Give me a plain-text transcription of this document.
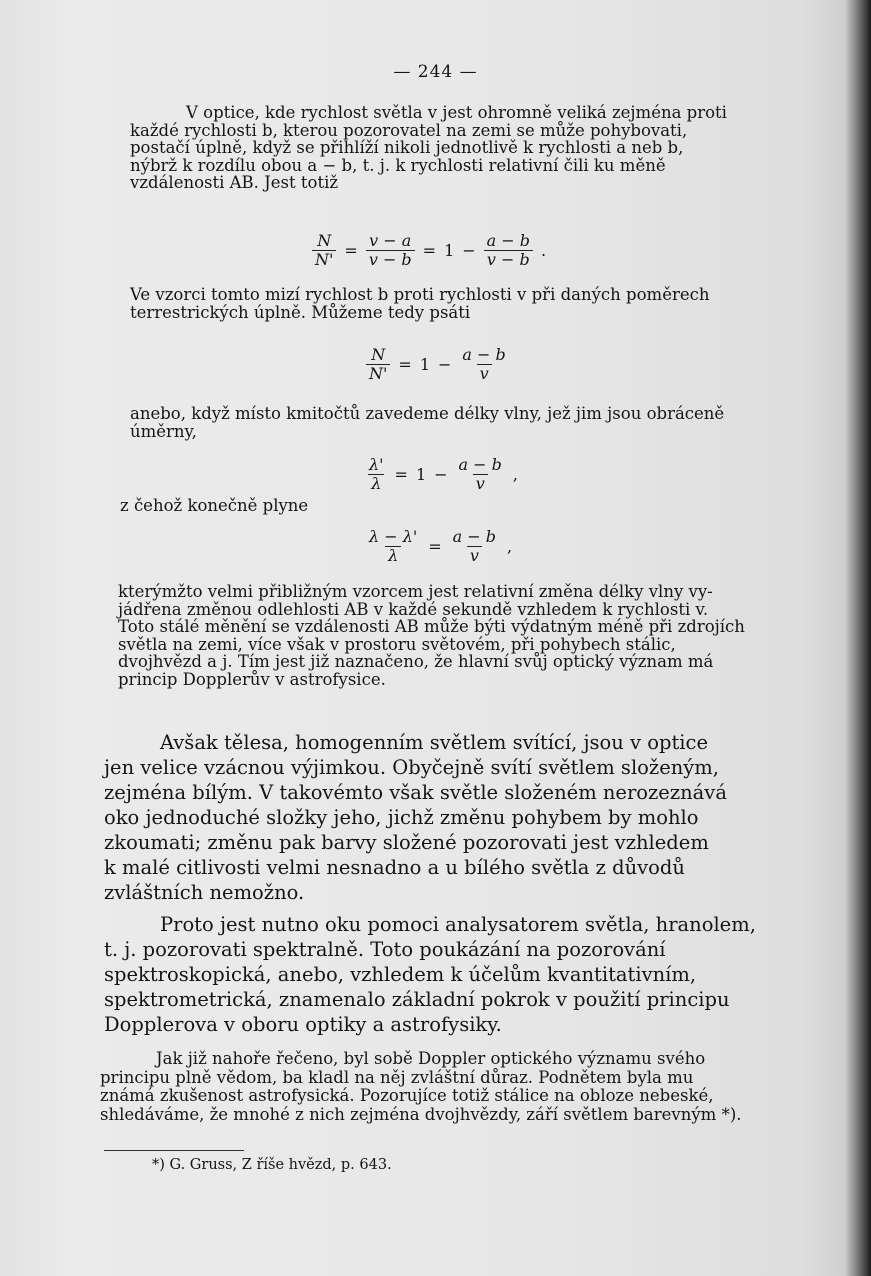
— 244 —
V optice, kde rychlost světla v jest ohromně veliká zejména proti
každé rychlosti b, kterou pozorovatel na zemi se může pohybovati,
postačí úplně, když se přihlíží nikoli jednotlivě k rychlosti a neb b,
nýbrž k rozdílu obou a − b, t. j. k rychlosti relativní čili ku měně
vzdálenosti AB. Jest totiž
$\frac{N}{N'} = \frac{v - a}{v - b} = 1 - \frac{a - b}{v - b}$ .
Ve vzorci tomto mizí rychlost b proti rychlosti v při daných poměrech
terrestrických úplně. Můžeme tedy psáti
$\frac{N}{N'} = 1 - \frac{a - b}{v}$
anebo, když místo kmitočtů zavedeme délky vlny, jež jim jsou obráceně
úměrny,
$\frac{\lambda'}{\lambda} = 1 - \frac{a - b}{v}$ ,
z čehož konečně plyne
$\frac{\lambda - \lambda'}{\lambda} = \frac{a - b}{v}$ ,
kterýmžto velmi přibližným vzorcem jest relativní změna délky vlny vy-
jádřena změnou odlehlosti AB v každé sekundě vzhledem k rychlosti v.
Toto stálé měnění se vzdálenosti AB může býti výdatným méně při zdrojích
světla na zemi, více však v prostoru světovém, při pohybech stálic,
dvojhvězd a j. Tím jest již naznačeno, že hlavní svůj optický význam má
princip Dopplerův v astrofysice.
Avšak tělesa, homogenním světlem svítící, jsou v optice
jen velice vzácnou výjimkou. Obyčejně svítí světlem složeným,
zejména bílým. V takovémto však světle složeném nerozeznává
oko jednoduché složky jeho, jichž změnu pohybem by mohlo
zkoumati; změnu pak barvy složené pozorovati jest vzhledem
k malé citlivosti velmi nesnadno a u bílého světla z důvodů
zvláštních nemožno.
Proto jest nutno oku pomoci analysatorem světla, hranolem,
t. j. pozorovati spektralně. Toto poukázání na pozorování
spektroskopická, anebo, vzhledem k účelům kvantitativním,
spektrometrická, znamenalo základní pokrok v použití principu
Dopplerova v oboru optiky a astrofysiky.
Jak již nahoře řečeno, byl sobě Doppler optického významu svého
principu plně vědom, ba kladl na něj zvláštní důraz. Podnětem byla mu
známá zkušenost astrofysická. Pozorujíce totiž stálice na obloze nebeské,
shledáváme, že mnohé z nich zejména dvojhvězdy, září světlem barevným *).
*) G. Gruss, Z říše hvězd, p. 643.
